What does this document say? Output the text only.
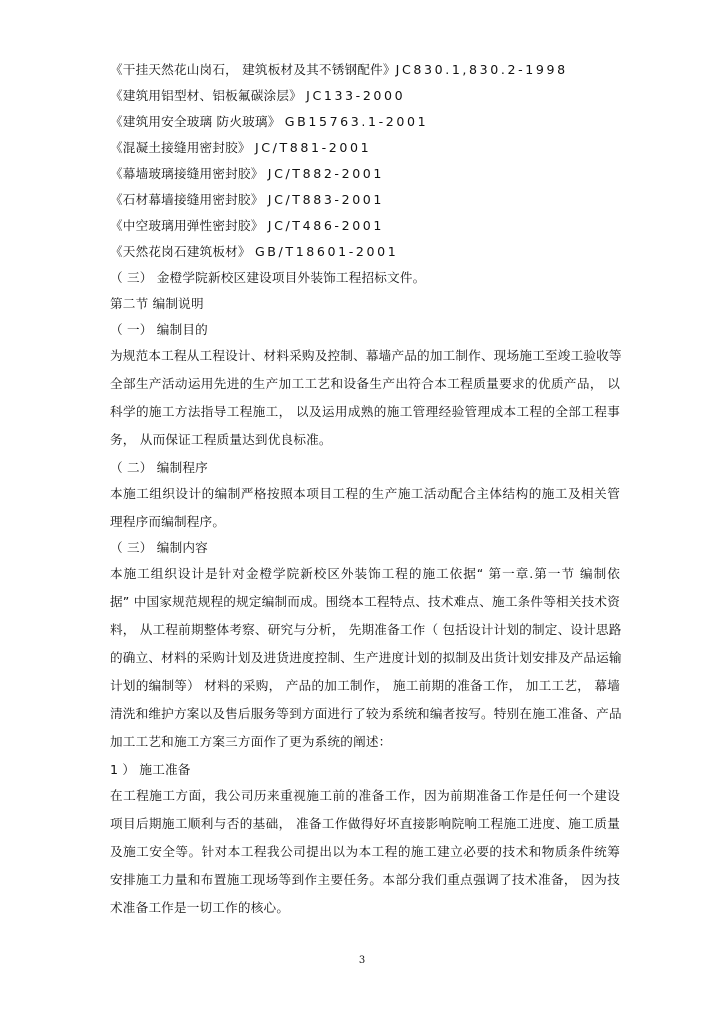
《干挂天然花山岗石， 建筑板材及其不锈钢配件》JC830.1,830.2-1998
《建筑用铝型材、铝板氟碳涂层》 JC133-2000
《建筑用安全玻璃 防火玻璃》 GB15763.1-2001
《混凝土接缝用密封胶》 JC/T881-2001
《幕墙玻璃接缝用密封胶》 JC/T882-2001
《石材幕墙接缝用密封胶》 JC/T883-2001
《中空玻璃用弹性密封胶》 JC/T486-2001
《天然花岗石建筑板材》 GB/T18601-2001
（ 三） 金橙学院新校区建设项目外装饰工程招标文件。
第二节 编制说明
（ 一） 编制目的
为规范本工程从工程设计、材料采购及控制、幕墙产品的加工制作、现场施工至竣工验收等
全部生产活动运用先进的生产加工工艺和设备生产出符合本工程质量要求的优质产品， 以
科学的施工方法指导工程施工， 以及运用成熟的施工管理经验管理成本工程的全部工程事
务， 从而保证工程质量达到优良标准。
（ 二） 编制程序
本施工组织设计的编制严格按照本项目工程的生产施工活动配合主体结构的施工及相关管
理程序而编制程序。
（ 三） 编制内容
本施工组织设计是针对金橙学院新校区外装饰工程的施工依据“ 第一章.第一节 编制依
据” 中国家规范规程的规定编制而成。围绕本工程特点、技术难点、施工条件等相关技术资
料， 从工程前期整体考察、研究与分析， 先期准备工作（ 包括设计计划的制定、设计思路
的确立、材料的采购计划及进货进度控制、生产进度计划的拟制及出货计划安排及产品运输
计划的编制等） 材料的采购， 产品的加工制作， 施工前期的准备工作， 加工工艺， 幕墙
清洗和维护方案以及售后服务等到方面进行了较为系统和编者按写。特别在施工准备、产品
加工工艺和施工方案三方面作了更为系统的阐述：
1 ） 施工准备
在工程施工方面，我公司历来重视施工前的准备工作，因为前期准备工作是任何一个建设
项目后期施工顺利与否的基础， 准备工作做得好坏直接影响院响工程施工进度、施工质量
及施工安全等。针对本工程我公司提出以为本工程的施工建立必要的技术和物质条件统筹
安排施工力量和布置施工现场等到作主要任务。本部分我们重点强调了技术准备， 因为技
术准备工作是一切工作的核心。
3
